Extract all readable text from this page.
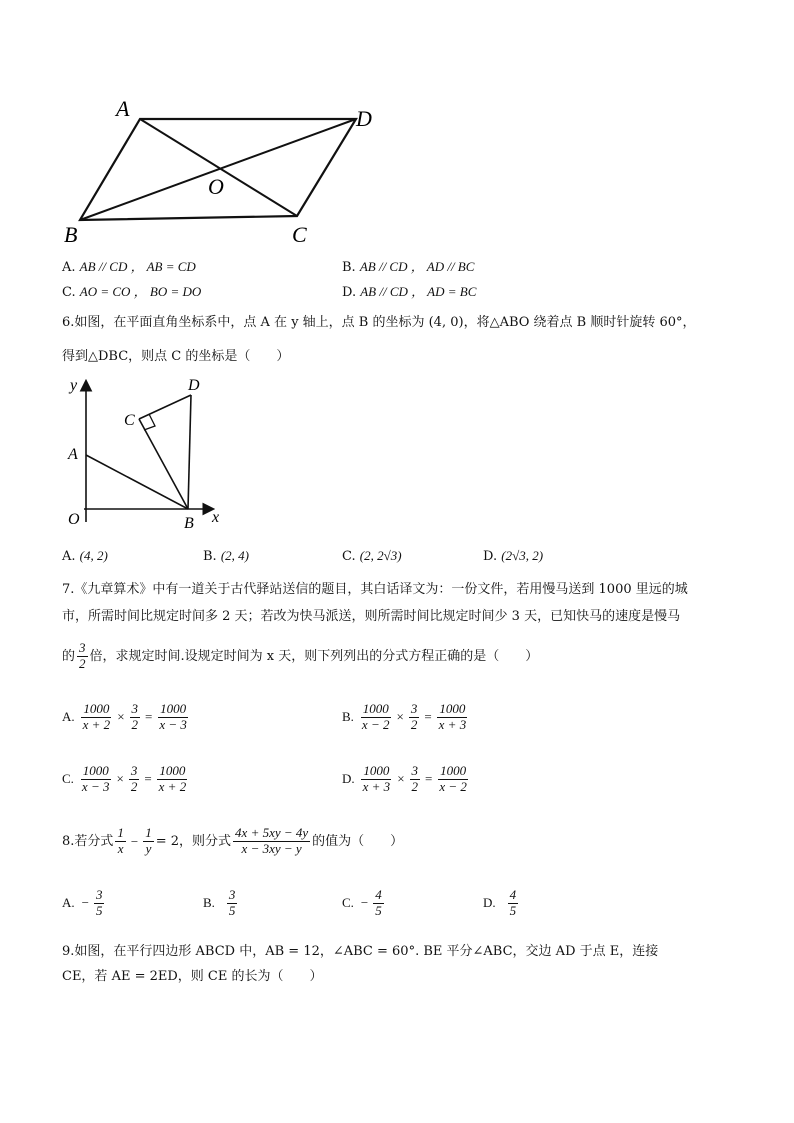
A	D
O
B	C
A. AB // CD ， AB = CD	B. AB // CD ， AD // BC
C. AO = CO ， BO = DO	D. AB // CD ， AD = BC
6.如图，在平面直角坐标系中，点 A 在 y 轴上，点 B 的坐标为 (4, 0)，将△ABO 绕着点 B 顺时针旋转 60°，
得到△DBC，则点 C 的坐标是（　　）
y
x
O
A
B
C
D
A. (4, 2)	B. (2, 4)	C. (2, 2√3)	D. (2√3, 2)
7.《九章算术》中有一道关于古代驿站送信的题目，其白话译文为：一份文件，若用慢马送到 1000 里远的城
市，所需时间比规定时间多 2 天；若改为快马派送，则所需时间比规定时间少 3 天，已知快马的速度是慢马
的 $\frac{3}{2}$ 倍，求规定时间.设规定时间为 x 天，则下列列出的分式方程正确的是（　　）
A. $\frac{1000}{x + 2} \times \frac{3}{2} = \frac{1000}{x - 3}$	B. $\frac{1000}{x - 2} \times \frac{3}{2} = \frac{1000}{x + 3}$
C. $\frac{1000}{x - 3} \times \frac{3}{2} = \frac{1000}{x + 2}$	D. $\frac{1000}{x + 3} \times \frac{3}{2} = \frac{1000}{x - 2}$
8.若分式 $\frac{1}{x} - \frac{1}{y} = 2$，则分式 $\frac{4x + 5xy - 4y}{x - 3xy - y}$ 的值为（　　）
A. − $\frac{3}{5}$	B. $\frac{3}{5}$	C. − $\frac{4}{5}$	D. $\frac{4}{5}$
9.如图，在平行四边形 ABCD 中，AB = 12，∠ABC = 60°. BE 平分∠ABC，交边 AD 于点 E，连接
CE，若 AE = 2ED，则 CE 的长为（　　）
